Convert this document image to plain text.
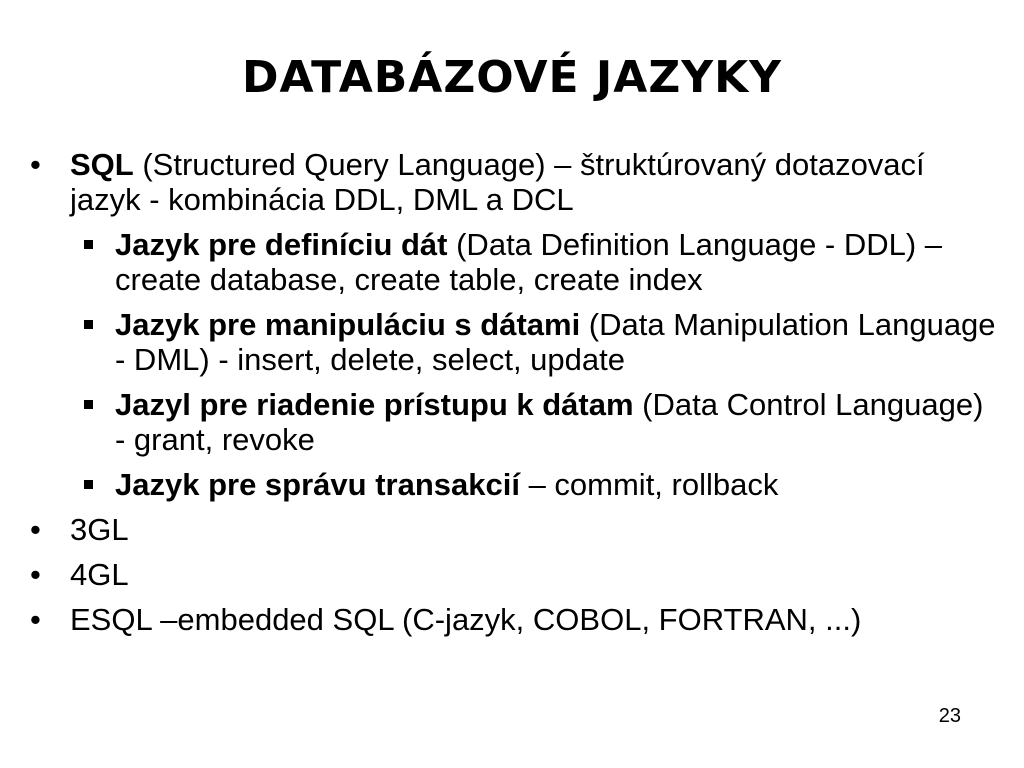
DATABÁZOVÉ JAZYKY
• SQL (Structured Query Language) – štruktúrovaný dotazovací jazyk - kombinácia DDL, DML a DCL
Jazyk pre definíciu dát (Data Definition Language - DDL) – create database, create table, create index
Jazyk pre manipuláciu s dátami (Data Manipulation Language - DML) - insert, delete, select, update
Jazyl pre riadenie prístupu k dátam (Data Control Language) - grant, revoke
Jazyk pre správu transakcií – commit, rollback
• 3GL
• 4GL
• ESQL –embedded SQL (C-jazyk, COBOL, FORTRAN, ...)
23
